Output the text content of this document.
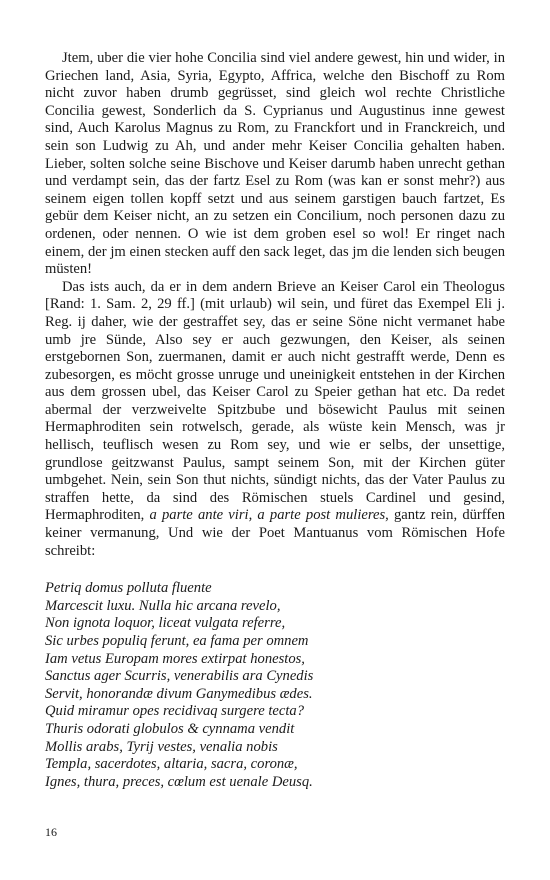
Jtem, uber die vier hohe Concilia sind viel andere gewest, hin und wider, in Griechen land, Asia, Syria, Egypto, Affrica, welche den Bischoff zu Rom nicht zuvor haben drumb gegrüsset, sind gleich wol rechte Christliche Concilia gewest, Sonderlich da S. Cyprianus und Augustinus inne gewest sind, Auch Karolus Magnus zu Rom, zu Franckfort und in Franckreich, und sein son Ludwig zu Ah, und ander mehr Keiser Concilia gehalten haben. Lieber, solten solche seine Bischove und Keiser darumb haben unrecht gethan und verdampt sein, das der fartz Esel zu Rom (was kan er sonst mehr?) aus seinem eigen tollen kopff setzt und aus seinem garstigen bauch fartzet, Es gebür dem Keiser nicht, an zu setzen ein Concilium, noch personen dazu zu ordenen, oder nennen. O wie ist dem groben esel so wol! Er ringet nach einem, der jm einen stecken auff den sack leget, das jm die lenden sich beugen müsten!

Das ists auch, da er in dem andern Brieve an Keiser Carol ein Theologus [Rand: 1. Sam. 2, 29 ff.] (mit urlaub) wil sein, und füret das Exempel Eli j. Reg. ij daher, wie der gestraffet sey, das er seine Söne nicht vermanet habe umb jre Sünde, Also sey er auch gezwungen, den Keiser, als seinen erstgebornen Son, zuermanen, damit er auch nicht gestrafft werde, Denn es zubesorgen, es möcht grosse unruge und uneinigkeit entstehen in der Kirchen aus dem grossen ubel, das Keiser Carol zu Speier gethan hat etc. Da redet abermal der verzweivelte Spitzbube und bösewicht Paulus mit seinen Hermaphroditen sein rotwelsch, gerade, als wüste kein Mensch, was jr hellisch, teuflisch wesen zu Rom sey, und wie er selbs, der unsettige, grundlose geitzwanst Paulus, sampt seinem Son, mit der Kirchen güter umbgehet. Nein, sein Son thut nichts, sündigt nichts, das der Vater Paulus zu straffen hette, da sind des Römischen stuels Cardinel und gesind, Hermaphroditen, a parte ante viri, a parte post mulieres, gantz rein, dürffen keiner vermanung, Und wie der Poet Mantuanus vom Römischen Hofe schreibt:

Petriq domus polluta fluente
Marcescit luxu. Nulla hic arcana revelo,
Non ignota loquor, liceat vulgata referre,
Sic urbes populiq ferunt, ea fama per omnem
Iam vetus Europam mores extirpat honestos,
Sanctus ager Scurris, venerabilis ara Cynedis
Servit, honorandæ divum Ganymedibus ædes.
Quid miramur opes recidivaq surgere tecta?
Thuris odorati globulos & cynnama vendit
Mollis arabs, Tyrij vestes, venalia nobis
Templa, sacerdotes, altaria, sacra, coronæ,
Ignes, thura, preces, cœlum est uenale Deusq.
16
